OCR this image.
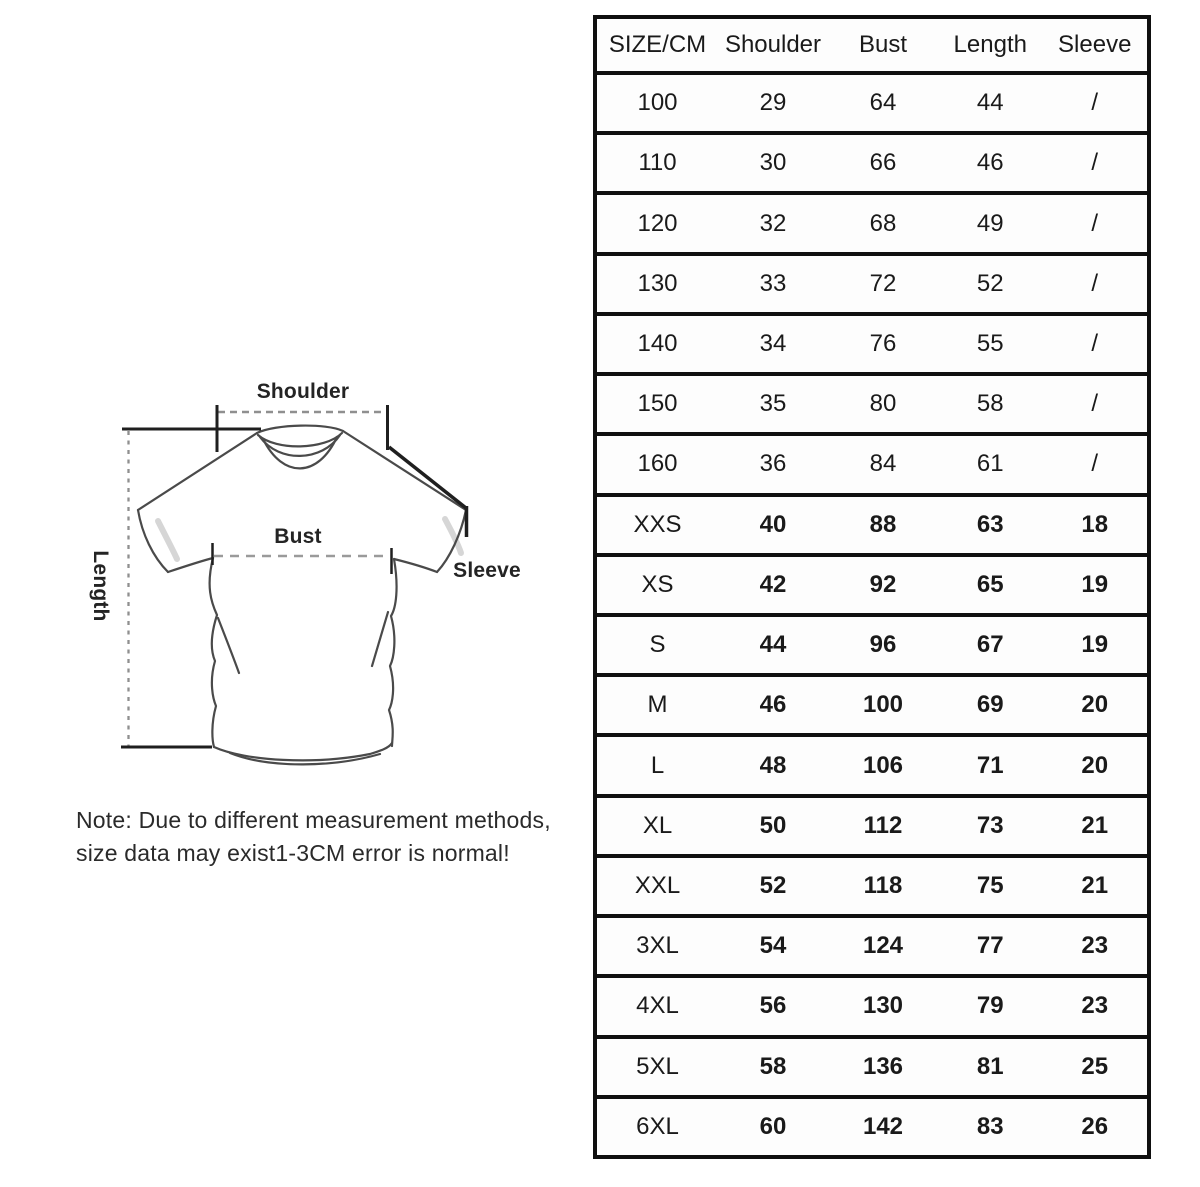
Shoulder
Bust
Length	Sleeve

Note: Due to different measurement methods,
size data may exist1-3CM error is normal!

SIZE/CM Shoulder	Bust	Length	Sleeve
100	29	64	44	/
110	30	66	46	/
120	32	68	49	/
130	33	72	52	/
140	34	76	55	/
150	35	80	58	/
160	36	84	61	/
XXS	40	88	63	18
XS	42	92	65	19
S	44	96	67	19
M	46	100	69	20
L	48	106	71	20
XL	50	112	73	21
XXL	52	118	75	21
3XL	54	124	77	23
4XL	56	130	79	23
5XL	58	136	81	25
6XL	60	142	83	26
